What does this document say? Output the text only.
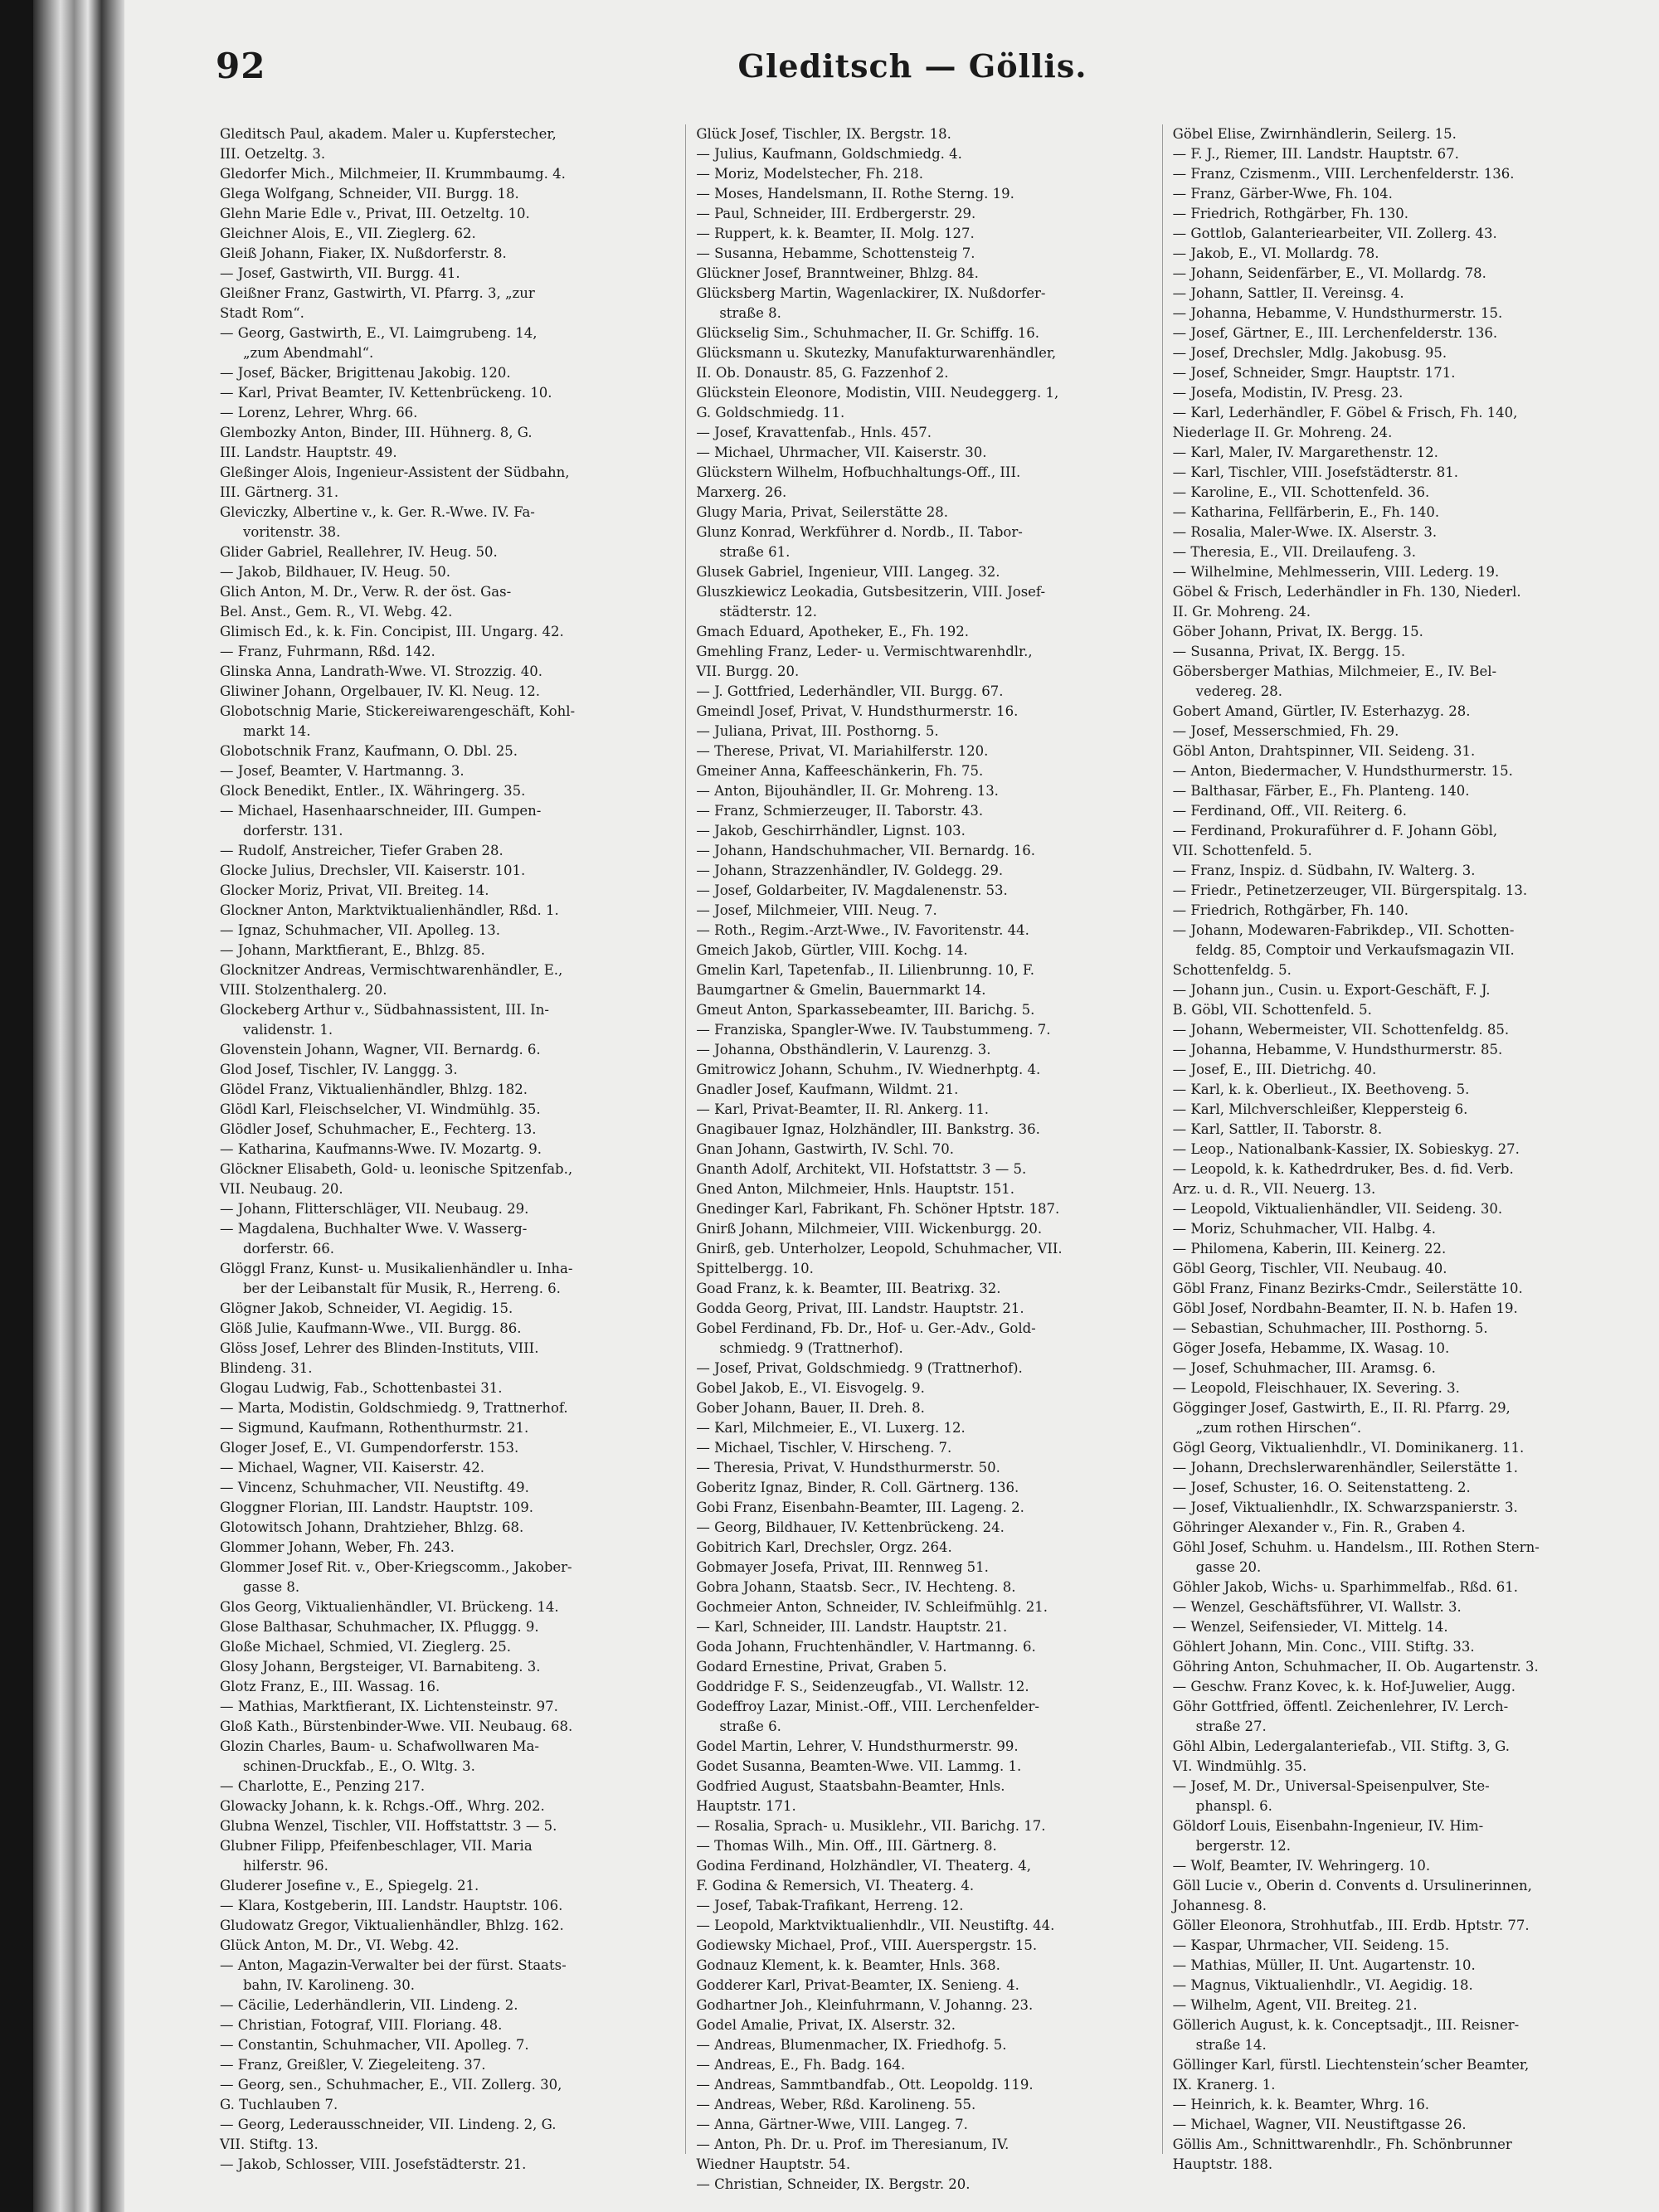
92	Gleditsch — Göllis.
Gleditsch Paul, akadem. Maler u. Kupferstecher,
III. Oetzeltg. 3.
Gledorfer Mich., Milchmeier, II. Krummbaumg. 4.
Glega Wolfgang, Schneider, VII. Burgg. 18.
Glehn Marie Edle v., Privat, III. Oetzeltg. 10.
Gleichner Alois, E., VII. Zieglerg. 62.
Gleiß Johann, Fiaker, IX. Nußdorferstr. 8.
— Josef, Gastwirth, VII. Burgg. 41.
Gleißner Franz, Gastwirth, VI. Pfarrg. 3, „zur
Stadt Rom“.
— Georg, Gastwirth, E., VI. Laimgrubeng. 14,
„zum Abendmahl“.
— Josef, Bäcker, Brigittenau Jakobig. 120.
— Karl, Privat Beamter, IV. Kettenbrückeng. 10.
— Lorenz, Lehrer, Whrg. 66.
Glembozky Anton, Binder, III. Hühnerg. 8, G.
III. Landstr. Hauptstr. 49.
Gleßinger Alois, Ingenieur-Assistent der Südbahn,
III. Gärtnerg. 31.
Gleviczky, Albertine v., k. Ger. R.-Wwe. IV. Fa-
voritenstr. 38.
Glider Gabriel, Reallehrer, IV. Heug. 50.
— Jakob, Bildhauer, IV. Heug. 50.
Glich Anton, M. Dr., Verw. R. der öst. Gas-
Bel. Anst., Gem. R., VI. Webg. 42.
Glimisch Ed., k. k. Fin. Concipist, III. Ungarg. 42.
— Franz, Fuhrmann, Rßd. 142.
Glinska Anna, Landrath-Wwe. VI. Strozzig. 40.
Gliwiner Johann, Orgelbauer, IV. Kl. Neug. 12.
Globotschnig Marie, Stickereiwarengeschäft, Kohl-
markt 14.
Globotschnik Franz, Kaufmann, O. Dbl. 25.
— Josef, Beamter, V. Hartmanng. 3.
Glock Benedikt, Entler., IX. Währingerg. 35.
— Michael, Hasenhaarschneider, III. Gumpen-
dorferstr. 131.
— Rudolf, Anstreicher, Tiefer Graben 28.
Glocke Julius, Drechsler, VII. Kaiserstr. 101.
Glocker Moriz, Privat, VII. Breiteg. 14.
Glockner Anton, Marktviktualienhändler, Rßd. 1.
— Ignaz, Schuhmacher, VII. Apolleg. 13.
— Johann, Marktfierant, E., Bhlzg. 85.
Glocknitzer Andreas, Vermischtwarenhändler, E.,
VIII. Stolzenthalerg. 20.
Glockeberg Arthur v., Südbahnassistent, III. In-
validenstr. 1.
Glovenstein Johann, Wagner, VII. Bernardg. 6.
Glod Josef, Tischler, IV. Langgg. 3.
Glödel Franz, Viktualienhändler, Bhlzg. 182.
Glödl Karl, Fleischselcher, VI. Windmühlg. 35.
Glödler Josef, Schuhmacher, E., Fechterg. 13.
— Katharina, Kaufmanns-Wwe. IV. Mozartg. 9.
Glöckner Elisabeth, Gold- u. leonische Spitzenfab.,
VII. Neubaug. 20.
— Johann, Flitterschläger, VII. Neubaug. 29.
— Magdalena, Buchhalter Wwe. V. Wasserg-
dorferstr. 66.
Glöggl Franz, Kunst- u. Musikalienhändler u. Inha-
ber der Leibanstalt für Musik, R., Herreng. 6.
Glögner Jakob, Schneider, VI. Aegidig. 15.
Glöß Julie, Kaufmann-Wwe., VII. Burgg. 86.
Glöss Josef, Lehrer des Blinden-Instituts, VIII.
Blindeng. 31.
Glogau Ludwig, Fab., Schottenbastei 31.
— Marta, Modistin, Goldschmiedg. 9, Trattnerhof.
— Sigmund, Kaufmann, Rothenthurmstr. 21.
Gloger Josef, E., VI. Gumpendorferstr. 153.
— Michael, Wagner, VII. Kaiserstr. 42.
— Vincenz, Schuhmacher, VII. Neustiftg. 49.
Gloggner Florian, III. Landstr. Hauptstr. 109.
Glotowitsch Johann, Drahtzieher, Bhlzg. 68.
Glommer Johann, Weber, Fh. 243.
Glommer Josef Rit. v., Ober-Kriegscomm., Jakober-
gasse 8.
Glos Georg, Viktualienhändler, VI. Brückeng. 14.
Glose Balthasar, Schuhmacher, IX. Pfluggg. 9.
Gloße Michael, Schmied, VI. Zieglerg. 25.
Glosy Johann, Bergsteiger, VI. Barnabiteng. 3.
Glotz Franz, E., III. Wassag. 16.
— Mathias, Marktfierant, IX. Lichtensteinstr. 97.
Gloß Kath., Bürstenbinder-Wwe. VII. Neubaug. 68.
Glozin Charles, Baum- u. Schafwollwaren Ma-
schinen-Druckfab., E., O. Wltg. 3.
— Charlotte, E., Penzing 217.
Glowacky Johann, k. k. Rchgs.-Off., Whrg. 202.
Glubna Wenzel, Tischler, VII. Hoffstattstr. 3 — 5.
Glubner Filipp, Pfeifenbeschlager, VII. Maria
hilferstr. 96.
Gluderer Josefine v., E., Spiegelg. 21.
— Klara, Kostgeberin, III. Landstr. Hauptstr. 106.
Gludowatz Gregor, Viktualienhändler, Bhlzg. 162.
Glück Anton, M. Dr., VI. Webg. 42.
— Anton, Magazin-Verwalter bei der fürst. Staats-
bahn, IV. Karolineng. 30.
— Cäcilie, Lederhändlerin, VII. Lindeng. 2.
— Christian, Fotograf, VIII. Floriang. 48.
— Constantin, Schuhmacher, VII. Apolleg. 7.
— Franz, Greißler, V. Ziegeleiteng. 37.
— Georg, sen., Schuhmacher, E., VII. Zollerg. 30,
G. Tuchlauben 7.
— Georg, Lederausschneider, VII. Lindeng. 2, G.
VII. Stiftg. 13.
— Jakob, Schlosser, VIII. Josefstädterstr. 21.
Glück Josef, Tischler, IX. Bergstr. 18.
— Julius, Kaufmann, Goldschmiedg. 4.
— Moriz, Modelstecher, Fh. 218.
— Moses, Handelsmann, II. Rothe Sterng. 19.
— Paul, Schneider, III. Erdbergerstr. 29.
— Ruppert, k. k. Beamter, II. Molg. 127.
— Susanna, Hebamme, Schottensteig 7.
Glückner Josef, Branntweiner, Bhlzg. 84.
Glücksberg Martin, Wagenlackirer, IX. Nußdorfer-
straße 8.
Glückselig Sim., Schuhmacher, II. Gr. Schiffg. 16.
Glücksmann u. Skutezky, Manufakturwarenhändler,
II. Ob. Donaustr. 85, G. Fazzenhof 2.
Glückstein Eleonore, Modistin, VIII. Neudeggerg. 1,
G. Goldschmiedg. 11.
— Josef, Kravattenfab., Hnls. 457.
— Michael, Uhrmacher, VII. Kaiserstr. 30.
Glückstern Wilhelm, Hofbuchhaltungs-Off., III.
Marxerg. 26.
Glugy Maria, Privat, Seilerstätte 28.
Glunz Konrad, Werkführer d. Nordb., II. Tabor-
straße 61.
Glusek Gabriel, Ingenieur, VIII. Langeg. 32.
Gluszkiewicz Leokadia, Gutsbesitzerin, VIII. Josef-
städterstr. 12.
Gmach Eduard, Apotheker, E., Fh. 192.
Gmehling Franz, Leder- u. Vermischtwarenhdlr.,
VII. Burgg. 20.
— J. Gottfried, Lederhändler, VII. Burgg. 67.
Gmeindl Josef, Privat, V. Hundsthurmerstr. 16.
— Juliana, Privat, III. Posthorng. 5.
— Therese, Privat, VI. Mariahilferstr. 120.
Gmeiner Anna, Kaffeeschänkerin, Fh. 75.
— Anton, Bijouhändler, II. Gr. Mohreng. 13.
— Franz, Schmierzeuger, II. Taborstr. 43.
— Jakob, Geschirrhändler, Lignst. 103.
— Johann, Handschuhmacher, VII. Bernardg. 16.
— Johann, Strazzenhändler, IV. Goldegg. 29.
— Josef, Goldarbeiter, IV. Magdalenenstr. 53.
— Josef, Milchmeier, VIII. Neug. 7.
— Roth., Regim.-Arzt-Wwe., IV. Favoritenstr. 44.
Gmeich Jakob, Gürtler, VIII. Kochg. 14.
Gmelin Karl, Tapetenfab., II. Lilienbrunng. 10, F.
Baumgartner & Gmelin, Bauernmarkt 14.
Gmeut Anton, Sparkassebeamter, III. Barichg. 5.
— Franziska, Spangler-Wwe. IV. Taubstummeng. 7.
— Johanna, Obsthändlerin, V. Laurenzg. 3.
Gmitrowicz Johann, Schuhm., IV. Wiednerhptg. 4.
Gnadler Josef, Kaufmann, Wildmt. 21.
— Karl, Privat-Beamter, II. Rl. Ankerg. 11.
Gnagibauer Ignaz, Holzhändler, III. Bankstrg. 36.
Gnan Johann, Gastwirth, IV. Schl. 70.
Gnanth Adolf, Architekt, VII. Hofstattstr. 3 — 5.
Gned Anton, Milchmeier, Hnls. Hauptstr. 151.
Gnedinger Karl, Fabrikant, Fh. Schöner Hptstr. 187.
Gnirß Johann, Milchmeier, VIII. Wickenburgg. 20.
Gnirß, geb. Unterholzer, Leopold, Schuhmacher, VII.
Spittelbergg. 10.
Goad Franz, k. k. Beamter, III. Beatrixg. 32.
Godda Georg, Privat, III. Landstr. Hauptstr. 21.
Gobel Ferdinand, Fb. Dr., Hof- u. Ger.-Adv., Gold-
schmiedg. 9 (Trattnerhof).
— Josef, Privat, Goldschmiedg. 9 (Trattnerhof).
Gobel Jakob, E., VI. Eisvogelg. 9.
Gober Johann, Bauer, II. Dreh. 8.
— Karl, Milchmeier, E., VI. Luxerg. 12.
— Michael, Tischler, V. Hirscheng. 7.
— Theresia, Privat, V. Hundsthurmerstr. 50.
Goberitz Ignaz, Binder, R. Coll. Gärtnerg. 136.
Gobi Franz, Eisenbahn-Beamter, III. Lageng. 2.
— Georg, Bildhauer, IV. Kettenbrückeng. 24.
Gobitrich Karl, Drechsler, Orgz. 264.
Gobmayer Josefa, Privat, III. Rennweg 51.
Gobra Johann, Staatsb. Secr., IV. Hechteng. 8.
Gochmeier Anton, Schneider, IV. Schleifmühlg. 21.
— Karl, Schneider, III. Landstr. Hauptstr. 21.
Goda Johann, Fruchtenhändler, V. Hartmanng. 6.
Godard Ernestine, Privat, Graben 5.
Goddridge F. S., Seidenzeugfab., VI. Wallstr. 12.
Godeffroy Lazar, Minist.-Off., VIII. Lerchenfelder-
straße 6.
Godel Martin, Lehrer, V. Hundsthurmerstr. 99.
Godet Susanna, Beamten-Wwe. VII. Lammg. 1.
Godfried August, Staatsbahn-Beamter, Hnls.
Hauptstr. 171.
— Rosalia, Sprach- u. Musiklehr., VII. Barichg. 17.
— Thomas Wilh., Min. Off., III. Gärtnerg. 8.
Godina Ferdinand, Holzhändler, VI. Theaterg. 4,
F. Godina & Remersich, VI. Theaterg. 4.
— Josef, Tabak-Trafikant, Herreng. 12.
— Leopold, Marktviktualienhdlr., VII. Neustiftg. 44.
Godiewsky Michael, Prof., VIII. Auerspergstr. 15.
Godnauz Klement, k. k. Beamter, Hnls. 368.
Godderer Karl, Privat-Beamter, IX. Senieng. 4.
Godhartner Joh., Kleinfuhrmann, V. Johanng. 23.
Godel Amalie, Privat, IX. Alserstr. 32.
— Andreas, Blumenmacher, IX. Friedhofg. 5.
— Andreas, E., Fh. Badg. 164.
— Andreas, Sammtbandfab., Ott. Leopoldg. 119.
— Andreas, Weber, Rßd. Karolineng. 55.
— Anna, Gärtner-Wwe, VIII. Langeg. 7.
— Anton, Ph. Dr. u. Prof. im Theresianum, IV.
Wiedner Hauptstr. 54.
— Christian, Schneider, IX. Bergstr. 20.
Göbel Elise, Zwirnhändlerin, Seilerg. 15.
— F. J., Riemer, III. Landstr. Hauptstr. 67.
— Franz, Czismenm., VIII. Lerchenfelderstr. 136.
— Franz, Gärber-Wwe, Fh. 104.
— Friedrich, Rothgärber, Fh. 130.
— Gottlob, Galanteriearbeiter, VII. Zollerg. 43.
— Jakob, E., VI. Mollardg. 78.
— Johann, Seidenfärber, E., VI. Mollardg. 78.
— Johann, Sattler, II. Vereinsg. 4.
— Johanna, Hebamme, V. Hundsthurmerstr. 15.
— Josef, Gärtner, E., III. Lerchenfelderstr. 136.
— Josef, Drechsler, Mdlg. Jakobusg. 95.
— Josef, Schneider, Smgr. Hauptstr. 171.
— Josefa, Modistin, IV. Presg. 23.
— Karl, Lederhändler, F. Göbel & Frisch, Fh. 140,
Niederlage II. Gr. Mohreng. 24.
— Karl, Maler, IV. Margarethenstr. 12.
— Karl, Tischler, VIII. Josefstädterstr. 81.
— Karoline, E., VII. Schottenfeld. 36.
— Katharina, Fellfärberin, E., Fh. 140.
— Rosalia, Maler-Wwe. IX. Alserstr. 3.
— Theresia, E., VII. Dreilaufeng. 3.
— Wilhelmine, Mehlmesserin, VIII. Lederg. 19.
Göbel & Frisch, Lederhändler in Fh. 130, Niederl.
II. Gr. Mohreng. 24.
Göber Johann, Privat, IX. Bergg. 15.
— Susanna, Privat, IX. Bergg. 15.
Göbersberger Mathias, Milchmeier, E., IV. Bel-
vedereg. 28.
Gobert Amand, Gürtler, IV. Esterhazyg. 28.
— Josef, Messerschmied, Fh. 29.
Göbl Anton, Drahtspinner, VII. Seideng. 31.
— Anton, Biedermacher, V. Hundsthurmerstr. 15.
— Balthasar, Färber, E., Fh. Planteng. 140.
— Ferdinand, Off., VII. Reiterg. 6.
— Ferdinand, Prokuraführer d. F. Johann Göbl,
VII. Schottenfeld. 5.
— Franz, Inspiz. d. Südbahn, IV. Walterg. 3.
— Friedr., Petinetzerzeuger, VII. Bürgerspitalg. 13.
— Friedrich, Rothgärber, Fh. 140.
— Johann, Modewaren-Fabrikdep., VII. Schotten-
feldg. 85, Comptoir und Verkaufsmagazin VII.
Schottenfeldg. 5.
— Johann jun., Cusin. u. Export-Geschäft, F. J.
B. Göbl, VII. Schottenfeld. 5.
— Johann, Webermeister, VII. Schottenfeldg. 85.
— Johanna, Hebamme, V. Hundsthurmerstr. 85.
— Josef, E., III. Dietrichg. 40.
— Karl, k. k. Oberlieut., IX. Beethoveng. 5.
— Karl, Milchverschleißer, Kleppersteig 6.
— Karl, Sattler, II. Taborstr. 8.
— Leop., Nationalbank-Kassier, IX. Sobieskyg. 27.
— Leopold, k. k. Kathedrdruker, Bes. d. fid. Verb.
Arz. u. d. R., VII. Neuerg. 13.
— Leopold, Viktualienhändler, VII. Seideng. 30.
— Moriz, Schuhmacher, VII. Halbg. 4.
— Philomena, Kaberin, III. Keinerg. 22.
Göbl Georg, Tischler, VII. Neubaug. 40.
Göbl Franz, Finanz Bezirks-Cmdr., Seilerstätte 10.
Göbl Josef, Nordbahn-Beamter, II. N. b. Hafen 19.
— Sebastian, Schuhmacher, III. Posthorng. 5.
Göger Josefa, Hebamme, IX. Wasag. 10.
— Josef, Schuhmacher, III. Aramsg. 6.
— Leopold, Fleischhauer, IX. Severing. 3.
Gögginger Josef, Gastwirth, E., II. Rl. Pfarrg. 29,
„zum rothen Hirschen“.
Gögl Georg, Viktualienhdlr., VI. Dominikanerg. 11.
— Johann, Drechslerwarenhändler, Seilerstätte 1.
— Josef, Schuster, 16. O. Seitenstatteng. 2.
— Josef, Viktualienhdlr., IX. Schwarzspanierstr. 3.
Göhringer Alexander v., Fin. R., Graben 4.
Göhl Josef, Schuhm. u. Handelsm., III. Rothen Stern-
gasse 20.
Göhler Jakob, Wichs- u. Sparhimmelfab., Rßd. 61.
— Wenzel, Geschäftsführer, VI. Wallstr. 3.
— Wenzel, Seifensieder, VI. Mittelg. 14.
Göhlert Johann, Min. Conc., VIII. Stiftg. 33.
Göhring Anton, Schuhmacher, II. Ob. Augartenstr. 3.
— Geschw. Franz Kovec, k. k. Hof-Juwelier, Augg.
Göhr Gottfried, öffentl. Zeichenlehrer, IV. Lerch-
straße 27.
Göhl Albin, Ledergalanteriefab., VII. Stiftg. 3, G.
VI. Windmühlg. 35.
— Josef, M. Dr., Universal-Speisenpulver, Ste-
phanspl. 6.
Göldorf Louis, Eisenbahn-Ingenieur, IV. Him-
bergerstr. 12.
— Wolf, Beamter, IV. Wehringerg. 10.
Göll Lucie v., Oberin d. Convents d. Ursulinerinnen,
Johannesg. 8.
Göller Eleonora, Strohhutfab., III. Erdb. Hptstr. 77.
— Kaspar, Uhrmacher, VII. Seideng. 15.
— Mathias, Müller, II. Unt. Augartenstr. 10.
— Magnus, Viktualienhdlr., VI. Aegidig. 18.
— Wilhelm, Agent, VII. Breiteg. 21.
Göllerich August, k. k. Conceptsadjt., III. Reisner-
straße 14.
Göllinger Karl, fürstl. Liechtenstein’scher Beamter,
IX. Kranerg. 1.
— Heinrich, k. k. Beamter, Whrg. 16.
— Michael, Wagner, VII. Neustiftgasse 26.
Göllis Am., Schnittwarenhdlr., Fh. Schönbrunner
Hauptstr. 188.
